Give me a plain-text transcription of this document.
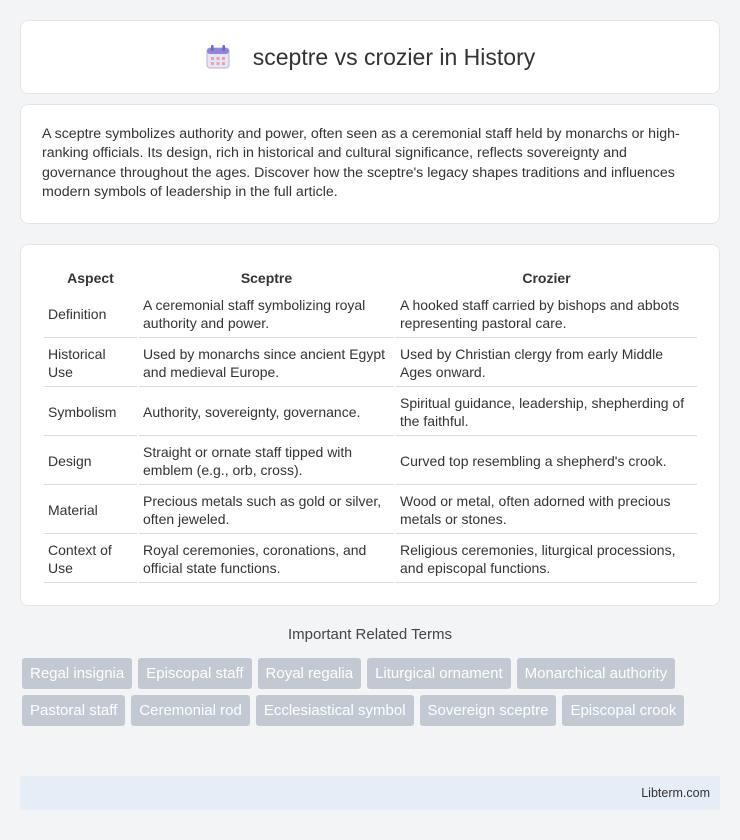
sceptre vs crozier in History

A sceptre symbolizes authority and power, often seen as a ceremonial staff held by monarchs or high-ranking officials. Its design, rich in historical and cultural significance, reflects sovereignty and governance throughout the ages. Discover how the sceptre's legacy shapes traditions and influences modern symbols of leadership in the full article.

Aspect	Sceptre	Crozier
Definition	A ceremonial staff symbolizing royal authority and power.	A hooked staff carried by bishops and abbots representing pastoral care.
Historical Use	Used by monarchs since ancient Egypt and medieval Europe.	Used by Christian clergy from early Middle Ages onward.
Symbolism	Authority, sovereignty, governance.	Spiritual guidance, leadership, shepherding of the faithful.
Design	Straight or ornate staff tipped with emblem (e.g., orb, cross).	Curved top resembling a shepherd's crook.
Material	Precious metals such as gold or silver, often jeweled.	Wood or metal, often adorned with precious metals or stones.
Context of Use	Royal ceremonies, coronations, and official state functions.	Religious ceremonies, liturgical processions, and episcopal functions.
Important Related Terms
Regal insignia	Episcopal staff	Royal regalia	Liturgical ornament	Monarchical authority
Pastoral staff	Ceremonial rod	Ecclesiastical symbol	Sovereign sceptre	Episcopal crook
Libterm.com
